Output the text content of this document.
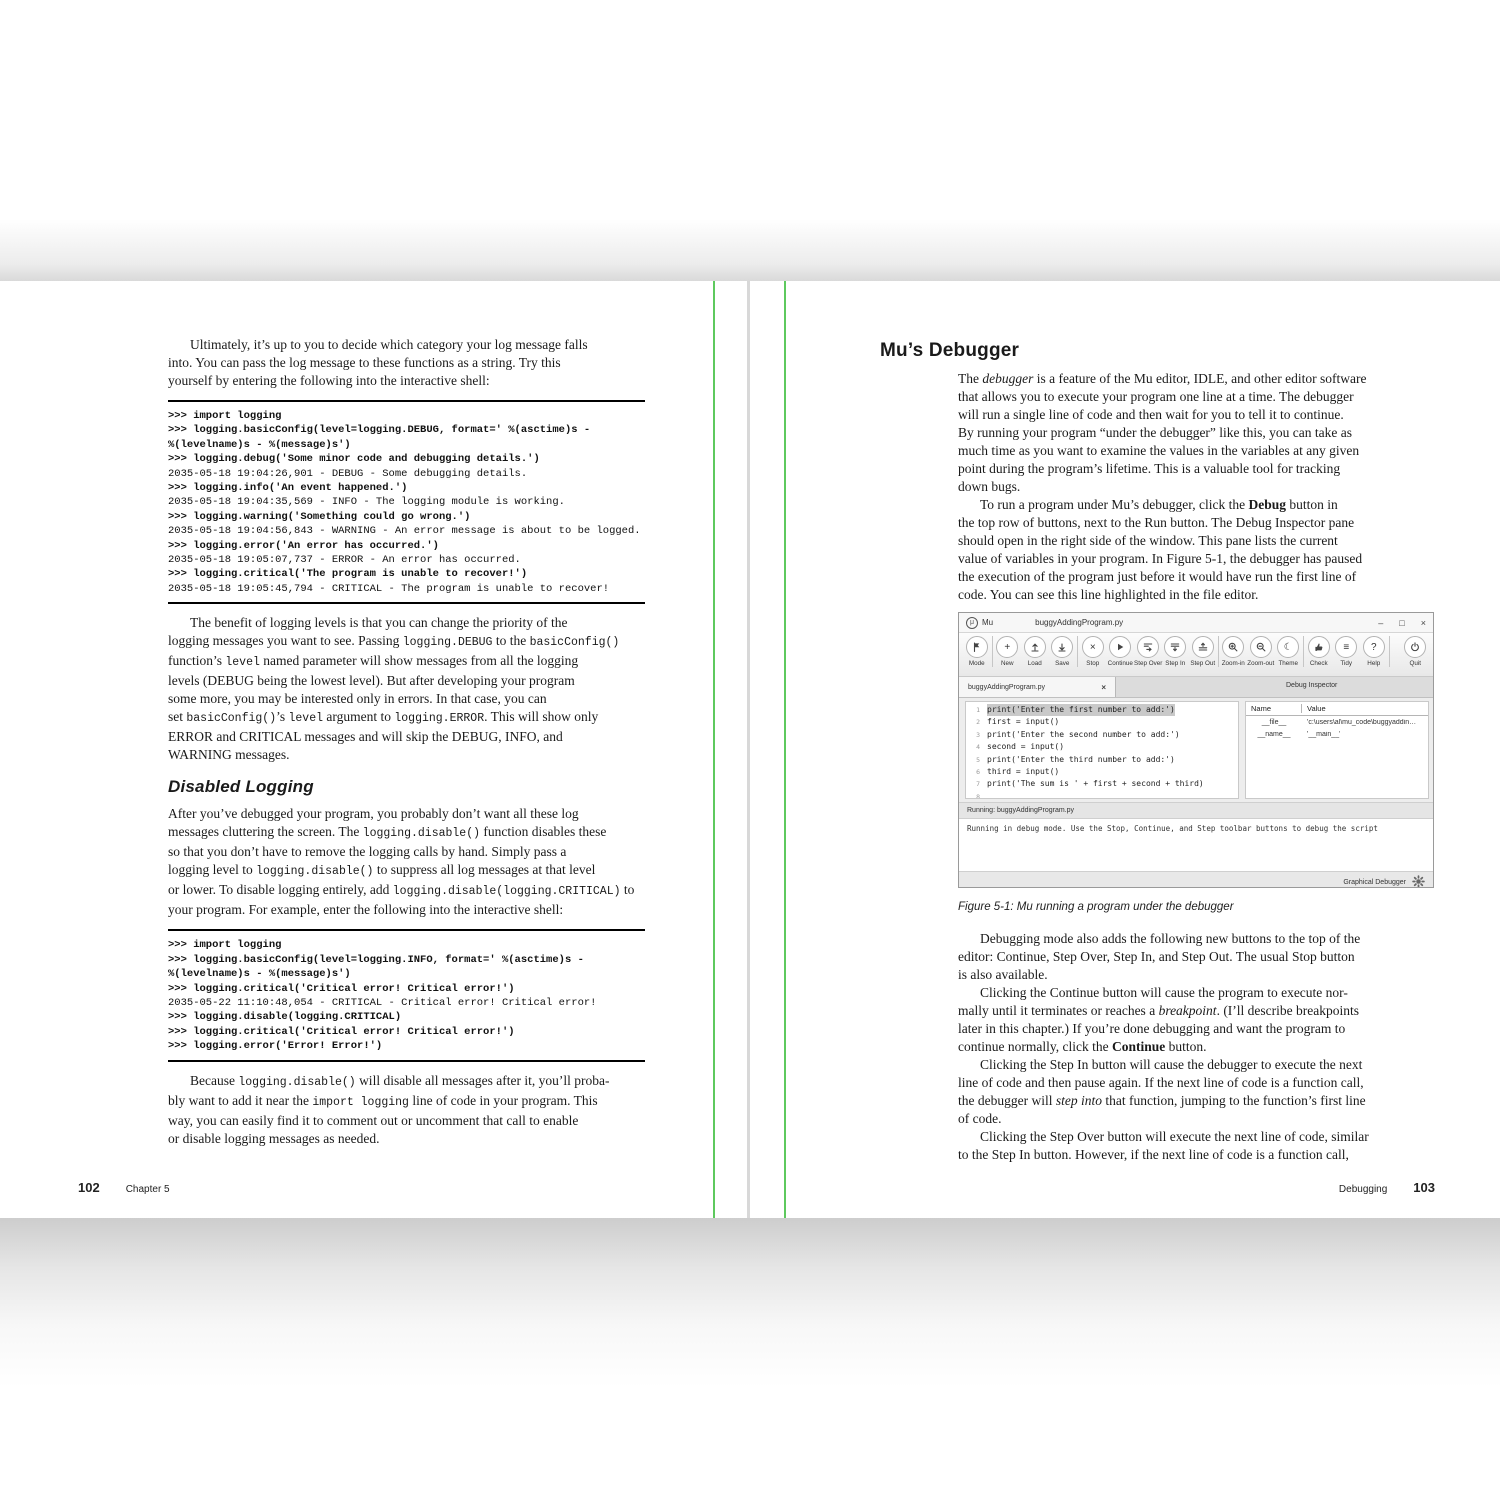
Ultimately, it’s up to you to decide which category your log message falls
into. You can pass the log message to these functions as a string. Try this
yourself by entering the following into the interactive shell:
>>> import logging
>>> logging.basicConfig(level=logging.DEBUG, format=' %(asctime)s -
%(levelname)s - %(message)s')
>>> logging.debug('Some minor code and debugging details.')
2035-05-18 19:04:26,901 - DEBUG - Some debugging details.
>>> logging.info('An event happened.')
2035-05-18 19:04:35,569 - INFO - The logging module is working.
>>> logging.warning('Something could go wrong.')
2035-05-18 19:04:56,843 - WARNING - An error message is about to be logged.
>>> logging.error('An error has occurred.')
2035-05-18 19:05:07,737 - ERROR - An error has occurred.
>>> logging.critical('The program is unable to recover!')
2035-05-18 19:05:45,794 - CRITICAL - The program is unable to recover!
The benefit of logging levels is that you can change the priority of the
logging messages you want to see. Passing logging.DEBUG to the basicConfig()
function’s level named parameter will show messages from all the logging
levels (DEBUG being the lowest level). But after developing your program
some more, you may be interested only in errors. In that case, you can
set basicConfig()’s level argument to logging.ERROR. This will show only
ERROR and CRITICAL messages and will skip the DEBUG, INFO, and
WARNING messages.
Disabled Logging
After you’ve debugged your program, you probably don’t want all these log
messages cluttering the screen. The logging.disable() function disables these
so that you don’t have to remove the logging calls by hand. Simply pass a
logging level to logging.disable() to suppress all log messages at that level
or lower. To disable logging entirely, add logging.disable(logging.CRITICAL) to
your program. For example, enter the following into the interactive shell:
>>> import logging
>>> logging.basicConfig(level=logging.INFO, format=' %(asctime)s -
%(levelname)s - %(message)s')
>>> logging.critical('Critical error! Critical error!')
2035-05-22 11:10:48,054 - CRITICAL - Critical error! Critical error!
>>> logging.disable(logging.CRITICAL)
>>> logging.critical('Critical error! Critical error!')
>>> logging.error('Error! Error!')
Because logging.disable() will disable all messages after it, you’ll proba-
bly want to add it near the import logging line of code in your program. This
way, you can easily find it to comment out or uncomment that call to enable
or disable logging messages as needed.
102	Chapter 5
Mu’s Debugger
The debugger is a feature of the Mu editor, IDLE, and other editor software
that allows you to execute your program one line at a time. The debugger
will run a single line of code and then wait for you to tell it to continue.
By running your program “under the debugger” like this, you can take as
much time as you want to examine the values in the variables at any given
point during the program’s lifetime. This is a valuable tool for tracking
down bugs.
To run a program under Mu’s debugger, click the Debug button in
the top row of buttons, next to the Run button. The Debug Inspector pane
should open in the right side of the window. This pane lists the current
value of variables in your program. In Figure 5-1, the debugger has paused
the execution of the program just before it would have run the first line of
code. You can see this line highlighted in the file editor.
μ Mu	buggyAddingProgram.py	– □ ×
Mode
+
New	Load	Save
×
Stop	Continue Step Over Step In Step Out	Zoom-in Zoom-out
☾
Theme	Check
≡
Tidy
?
Help	Quit
buggyAddingProgram.py	×	Debug Inspector
1 print('Enter the first number to add:')
2 first = input()
3 print('Enter the second number to add:')
4 second = input()
5 print('Enter the third number to add:')
6 third = input()
7 print('The sum is ' + first + second + third)
8
Name	Value
__file__	'c:\users\al\mu_code\buggyaddin…
__name__	'__main__'
Running: buggyAddingProgram.py
Running in debug mode. Use the Stop, Continue, and Step toolbar buttons to debug the script
Graphical Debugger
Figure 5-1: Mu running a program under the debugger
Debugging mode also adds the following new buttons to the top of the
editor: Continue, Step Over, Step In, and Step Out. The usual Stop button
is also available.
Clicking the Continue button will cause the program to execute nor-
mally until it terminates or reaches a breakpoint. (I’ll describe breakpoints
later in this chapter.) If you’re done debugging and want the program to
continue normally, click the Continue button.
Clicking the Step In button will cause the debugger to execute the next
line of code and then pause again. If the next line of code is a function call,
the debugger will step into that function, jumping to the function’s first line
of code.
Clicking the Step Over button will execute the next line of code, similar
to the Step In button. However, if the next line of code is a function call,
Debugging 103
